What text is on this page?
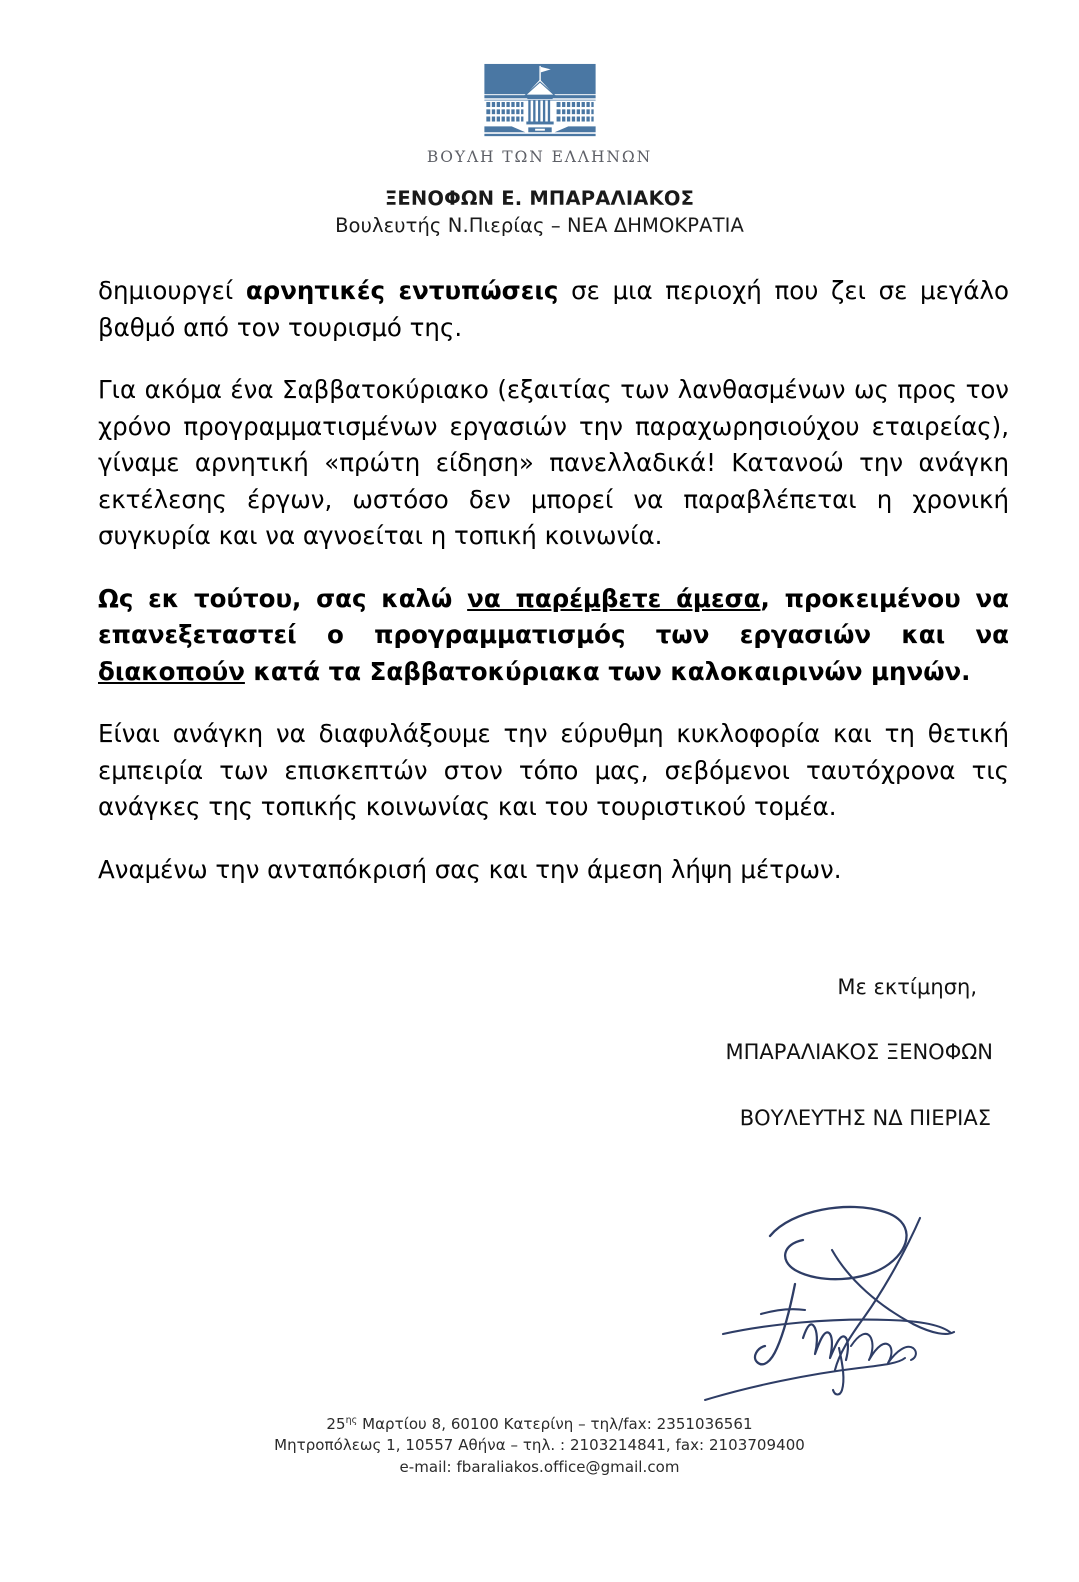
ΒΟΥΛΗ ΤΩΝ ΕΛΛΗΝΩΝ
ΞΕΝΟΦΩΝ Ε. ΜΠΑΡΑΛΙΑΚΟΣ
Βουλευτής Ν.Πιερίας – ΝΕΑ ΔΗΜΟΚΡΑΤΙΑ

δημιουργεί αρνητικές εντυπώσεις σε μια περιοχή που ζει σε μεγάλο βαθμό από τον τουρισμό της.

Για ακόμα ένα Σαββατοκύριακο (εξαιτίας των λανθασμένων ως προς τον χρόνο προγραμματισμένων εργασιών την παραχωρησιούχου εταιρείας), γίναμε αρνητική «πρώτη είδηση» πανελλαδικά! Κατανοώ την ανάγκη εκτέλεσης έργων, ωστόσο δεν μπορεί να παραβλέπεται η χρονική συγκυρία και να αγνοείται η τοπική κοινωνία.

Ως εκ τούτου, σας καλώ να παρέμβετε άμεσα, προκειμένου να επανεξεταστεί ο προγραμματισμός των εργασιών και να διακοπούν κατά τα Σαββατοκύριακα των καλοκαιρινών μηνών.

Είναι ανάγκη να διαφυλάξουμε την εύρυθμη κυκλοφορία και τη θετική εμπειρία των επισκεπτών στον τόπο μας, σεβόμενοι ταυτόχρονα τις ανάγκες της τοπικής κοινωνίας και του τουριστικού τομέα.

Αναμένω την ανταπόκρισή σας και την άμεση λήψη μέτρων.

Με εκτίμηση,
ΜΠΑΡΑΛΙΑΚΟΣ ΞΕΝΟΦΩΝ
ΒΟΥΛΕΥΤΗΣ ΝΔ ΠΙΕΡΙΑΣ
$25^{\eta\varsigma}$ Μαρτίου 8, 60100 Κατερίνη – τηλ/fax: 2351036561
Μητροπόλεως 1, 10557 Αθήνα – τηλ. : 2103214841, fax: 2103709400
e-mail: fbaraliakos.office@gmail.com
